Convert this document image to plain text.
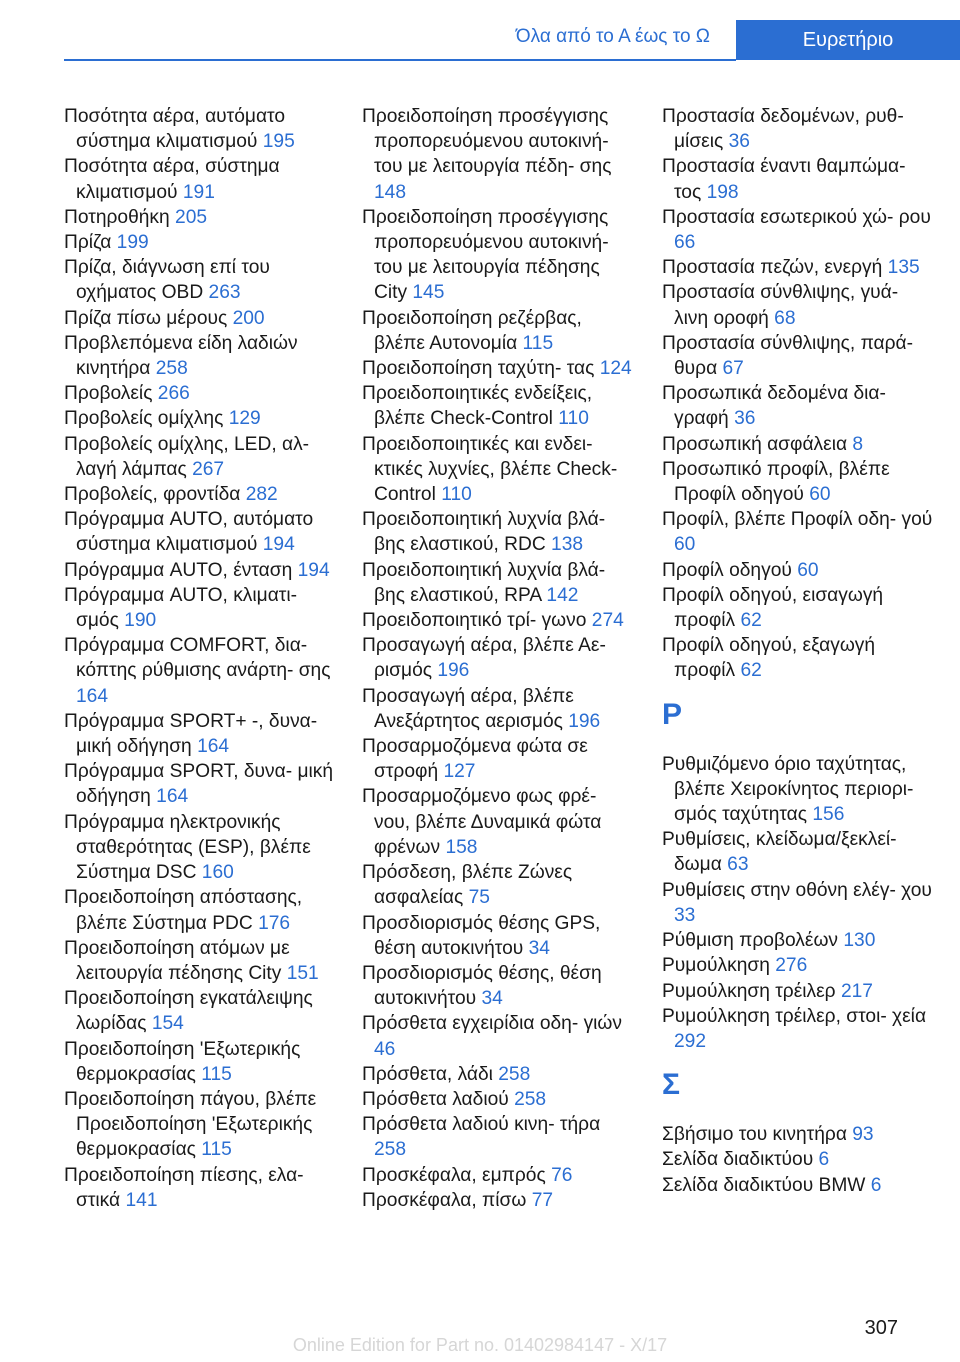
Όλα από το Α έως το Ω	Ευρετήριο
Ποσότητα αέρα, αυτόματο σύστημα κλιματισμού 195
Ποσότητα αέρα, σύστημα κλιματισμού 191
Ποτηροθήκη 205
Πρίζα 199
Πρίζα, διάγνωση επί του οχήματος OBD 263
Πρίζα πίσω μέρους 200
Προβλεπόμενα είδη λαδιών κινητήρα 258
Προβολείς 266
Προβολείς ομίχλης 129
Προβολείς ομίχλης, LED, αλ‐ λαγή λάμπας 267
Προβολείς, φροντίδα 282
Πρόγραμμα AUTO, αυτόματο σύστημα κλιματισμού 194
Πρόγραμμα AUTO, ένταση 194
Πρόγραμμα AUTO, κλιματι‐ σμός 190
Πρόγραμμα COMFORT, δια‐ κόπτης ρύθμισης ανάρτη‐ σης 164
Πρόγραμμα SPORT+ -, δυνα‐ μική οδήγηση 164
Πρόγραμμα SPORT, δυνα‐ μική οδήγηση 164
Πρόγραμμα ηλεκτρονικής σταθερότητας (ESP), βλέπε Σύστημα DSC 160
Προειδοποίηση απόστασης, βλέπε Σύστημα PDC 176
Προειδοποίηση ατόμων με λειτουργία πέδησης City 151
Προειδοποίηση εγκατάλειψης λωρίδας 154
Προειδοποίηση 'Εξωτερικής θερμοκρασίας 115
Προειδοποίηση πάγου, βλέπε Προειδοποίηση 'Εξωτερικής θερμοκρασίας 115
Προειδοποίηση πίεσης, ελα‐ στικά 141
Προειδοποίηση προσέγγισης προπορευόμενου αυτοκινή‐ του με λειτουργία πέδη‐ σης 148
Προειδοποίηση προσέγγισης προπορευόμενου αυτοκινή‐ του με λειτουργία πέδησης City 145
Προειδοποίηση ρεζέρβας, βλέπε Αυτονομία 115
Προειδοποίηση ταχύτη‐ τας 124
Προειδοποιητικές ενδείξεις, βλέπε Check-Control 110
Προειδοποιητικές και ενδει‐ κτικές λυχνίες, βλέπε Check-Control 110
Προειδοποιητική λυχνία βλά‐ βης ελαστικού, RDC 138
Προειδοποιητική λυχνία βλά‐ βης ελαστικού, RPA 142
Προειδοποιητικό τρί‐ γωνο 274
Προσαγωγή αέρα, βλέπε Αε‐ ρισμός 196
Προσαγωγή αέρα, βλέπε Ανεξάρτητος αερισμός 196
Προσαρμοζόμενα φώτα σε στροφή 127
Προσαρμοζόμενο φως φρέ‐ νου, βλέπε Δυναμικά φώτα φρένων 158
Πρόσδεση, βλέπε Ζώνες ασφαλείας 75
Προσδιορισμός θέσης GPS, θέση αυτοκινήτου 34
Προσδιορισμός θέσης, θέση αυτοκινήτου 34
Πρόσθετα εγχειρίδια οδη‐ γιών 46
Πρόσθετα, λάδι 258
Πρόσθετα λαδιού 258
Πρόσθετα λαδιού κινη‐ τήρα 258
Προσκέφαλα, εμπρός 76
Προσκέφαλα, πίσω 77
Προστασία δεδομένων, ρυθ‐ μίσεις 36
Προστασία έναντι θαμπώμα‐ τος 198
Προστασία εσωτερικού χώ‐ ρου 66
Προστασία πεζών, ενεργή 135
Προστασία σύνθλιψης, γυά‐ λινη οροφή 68
Προστασία σύνθλιψης, παρά‐ θυρα 67
Προσωπικά δεδομένα δια‐ γραφή 36
Προσωπική ασφάλεια 8
Προσωπικό προφίλ, βλέπε Προφίλ οδηγού 60
Προφίλ, βλέπε Προφίλ οδη‐ γού 60
Προφίλ οδηγού 60
Προφίλ οδηγού, εισαγωγή προφίλ 62
Προφίλ οδηγού, εξαγωγή προφίλ 62
Ρ
Ρυθμιζόμενο όριο ταχύτητας, βλέπε Χειροκίνητος περιορι‐ σμός ταχύτητας 156
Ρυθμίσεις, κλείδωμα/ξεκλεί‐ δωμα 63
Ρυθμίσεις στην οθόνη ελέγ‐ χου 33
Ρύθμιση προβολέων 130
Ρυμούλκηση 276
Ρυμούλκηση τρέιλερ 217
Ρυμούλκηση τρέιλερ, στοι‐ χεία 292
Σ
Σβήσιμο του κινητήρα 93
Σελίδα διαδικτύου 6
Σελίδα διαδικτύου BMW 6
307
Online Edition for Part no. 01402984147 - X/17
